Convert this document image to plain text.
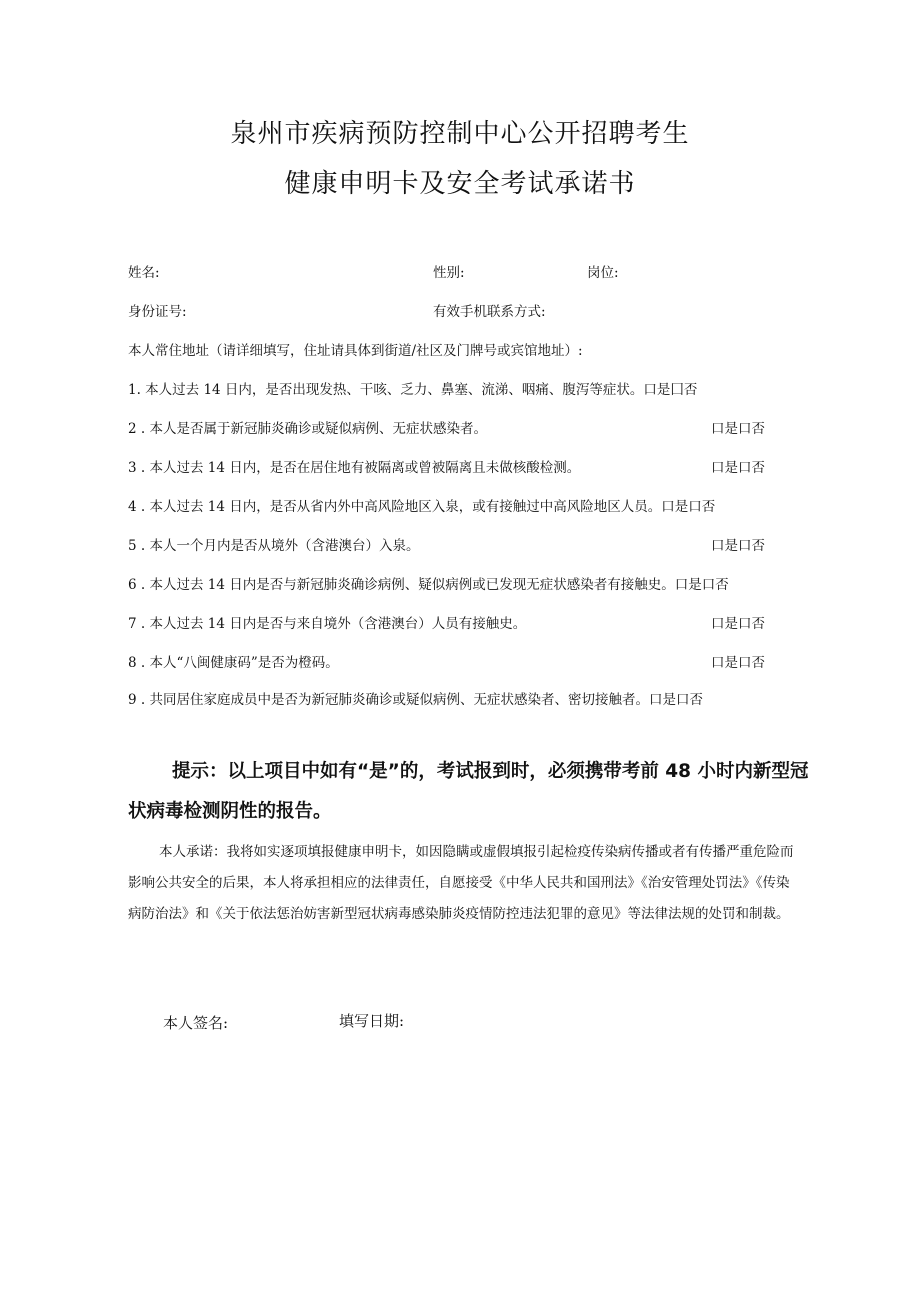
泉州市疾病预防控制中心公开招聘考生
健康申明卡及安全考试承诺书
姓名:	性别:	岗位:
身份证号:	有效手机联系方式:
本人常住地址（请详细填写，住址请具体到街道/社区及门牌号或宾馆地址）:
1. 本人过去 14 日内，是否出现发热、干咳、乏力、鼻塞、流涕、咽痛、腹泻等症状。口是囗否
2 . 本人是否属于新冠肺炎确诊或疑似病例、无症状感染者。	口是口否
3 . 本人过去 14 日内，是否在居住地有被隔离或曾被隔离且未做核酸检测。	口是口否
4 . 本人过去 14 日内，是否从省内外中高风险地区入泉，或有接触过中高风险地区人员。口是口否
5 . 本人一个月内是否从境外（含港澳台）入泉。	口是口否
6 . 本人过去 14 日内是否与新冠肺炎确诊病例、疑似病例或已发现无症状感染者有接触史。口是口否
7 . 本人过去 14 日内是否与来自境外（含港澳台）人员有接触史。	口是口否
8 . 本人“八闽健康码”是否为橙码。	口是口否
9 . 共同居住家庭成员中是否为新冠肺炎确诊或疑似病例、无症状感染者、密切接触者。口是口否
提示：以上项目中如有“是”的，考试报到时，必须携带考前 48 小时内新型冠状病毒检测阴性的报告。
本人承诺：我将如实逐项填报健康申明卡，如因隐瞒或虚假填报引起检疫传染病传播或者有传播严重危险而影响公共安全的后果，本人将承担相应的法律责任，自愿接受《中华人民共和国刑法》《治安管理处罚法》《传染病防治法》和《关于依法惩治妨害新型冠状病毒感染肺炎疫情防控违法犯罪的意见》等法律法规的处罚和制裁。
本人签名:	填写日期:
